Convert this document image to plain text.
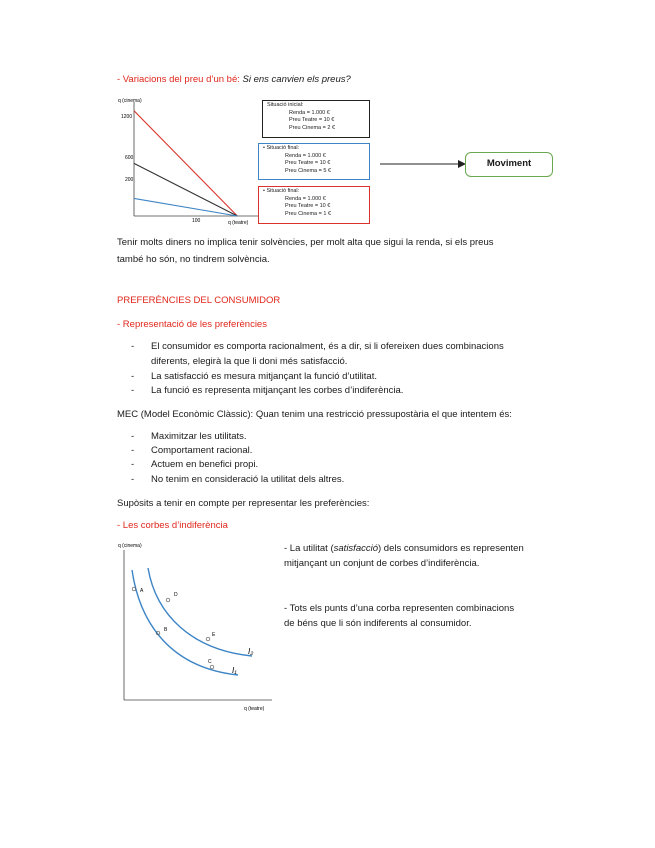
- Variacions del preu d’un bé: Si ens canvien els preus?
q (cinema)
q (teatre)
1200
600
200
100
Situació inicial:
Renda = 1.000 €
Preu Teatre = 10 €
Preu Cinema = 2 €
• Situació final:
Renda = 1.000 €
Preu Teatre = 10 €
Preu Cinema = 5 €
• Situació final:
Renda = 1.000 €
Preu Teatre = 10 €
Preu Cinema = 1 €
Moviment
Tenir molts diners no implica tenir solvències, per molt alta que sigui la renda, si els preus
també ho són, no tindrem solvència.
PREFERÈNCIES DEL CONSUMIDOR
- Representació de les preferències
- El consumidor es comporta racionalment, és a dir, si li ofereixen dues combinacions
diferents, elegirà la que li doni més satisfacció.
- La satisfacció es mesura mitjançant la funció d’utilitat.
- La funció es representa mitjançant les corbes d’indiferència.
MEC (Model Econòmic Clàssic): Quan tenim una restricció pressupostària el que intentem és:
- Maximitzar les utilitats.
- Comportament racional.
- Actuem en benefici propi.
- No tenim en consideració la utilitat dels altres.
Supòsits a tenir en compte per representar les preferències:
- Les corbes d’indiferència
q (cinema)
q (teatre)
I₂
I₁
A
B
C
D
E
- La utilitat (satisfacció) dels consumidors es representen
mitjançant un conjunt de corbes d’indiferència.
- Tots els punts d’una corba representen combinacions
de béns que li són indiferents al consumidor.
